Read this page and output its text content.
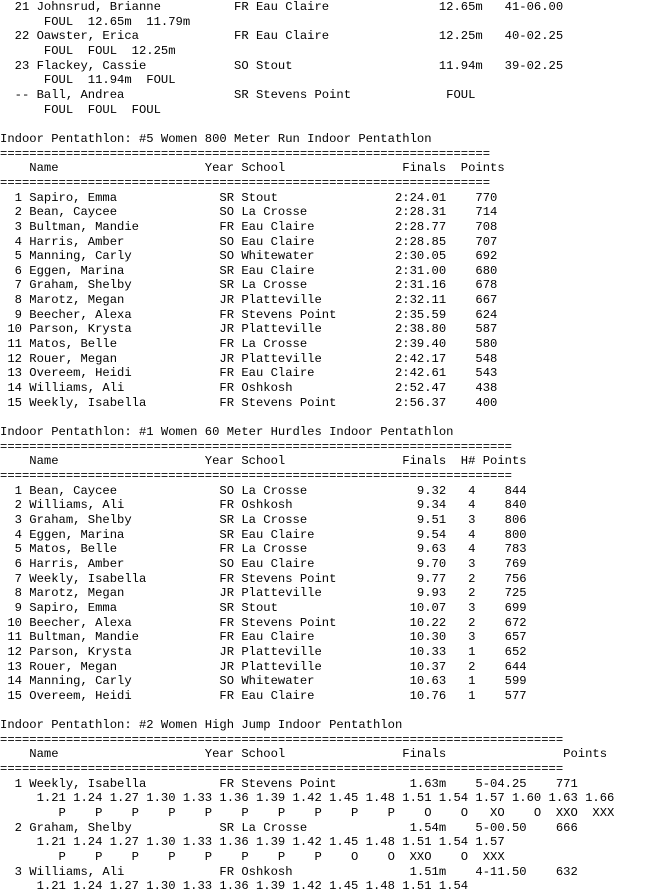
21 Johnsrud, Brianne          FR Eau Claire               12.65m   41-06.00
FOUL  12.65m  11.79m
22 Oawster, Erica             FR Eau Claire               12.25m   40-02.25
FOUL  FOUL  12.25m
23 Flackey, Cassie            SO Stout                    11.94m   39-02.25
FOUL  11.94m  FOUL
-- Ball, Andrea               SR Stevens Point             FOUL
FOUL  FOUL  FOUL
Indoor Pentathlon: #5 Women 800 Meter Run Indoor Pentathlon
===================================================================
Name                    Year School                Finals  Points
===================================================================
1 Sapiro, Emma              SR Stout                2:24.01    770
2 Bean, Caycee              SO La Crosse            2:28.31    714
3 Bultman, Mandie           FR Eau Claire           2:28.77    708
4 Harris, Amber             SO Eau Claire           2:28.85    707
5 Manning, Carly            SO Whitewater           2:30.05    692
6 Eggen, Marina             SR Eau Claire           2:31.00    680
7 Graham, Shelby            SR La Crosse            2:31.16    678
8 Marotz, Megan             JR Platteville          2:32.11    667
9 Beecher, Alexa            FR Stevens Point        2:35.59    624
10 Parson, Krysta            JR Platteville          2:38.80    587
11 Matos, Belle              FR La Crosse            2:39.40    580
12 Rouer, Megan              JR Platteville          2:42.17    548
13 Overeem, Heidi            FR Eau Claire           2:42.61    543
14 Williams, Ali             FR Oshkosh              2:52.47    438
15 Weekly, Isabella          FR Stevens Point        2:56.37    400
Indoor Pentathlon: #1 Women 60 Meter Hurdles Indoor Pentathlon
======================================================================
Name                    Year School                Finals  H# Points
======================================================================
1 Bean, Caycee              SO La Crosse               9.32   4    844
2 Williams, Ali             FR Oshkosh                 9.34   4    840
3 Graham, Shelby            SR La Crosse               9.51   3    806
4 Eggen, Marina             SR Eau Claire              9.54   4    800
5 Matos, Belle              FR La Crosse               9.63   4    783
6 Harris, Amber             SO Eau Claire              9.70   3    769
7 Weekly, Isabella          FR Stevens Point           9.77   2    756
8 Marotz, Megan             JR Platteville             9.93   2    725
9 Sapiro, Emma              SR Stout                  10.07   3    699
10 Beecher, Alexa            FR Stevens Point          10.22   2    672
11 Bultman, Mandie           FR Eau Claire             10.30   3    657
12 Parson, Krysta            JR Platteville            10.33   1    652
13 Rouer, Megan              JR Platteville            10.37   2    644
14 Manning, Carly            SO Whitewater             10.63   1    599
15 Overeem, Heidi            FR Eau Claire             10.76   1    577
Indoor Pentathlon: #2 Women High Jump Indoor Pentathlon
=============================================================================
Name                    Year School                Finals                Points
=============================================================================
1 Weekly, Isabella          FR Stevens Point          1.63m    5-04.25    771
1.21 1.24 1.27 1.30 1.33 1.36 1.39 1.42 1.45 1.48 1.51 1.54 1.57 1.60 1.63 1.66
P    P    P    P    P    P    P    P    P    P    O    O   XO    O  XXO  XXX
2 Graham, Shelby            SR La Crosse              1.54m    5-00.50    666
1.21 1.24 1.27 1.30 1.33 1.36 1.39 1.42 1.45 1.48 1.51 1.54 1.57
P    P    P    P    P    P    P    P    O    O  XXO    O  XXX
3 Williams, Ali             FR Oshkosh                1.51m    4-11.50    632
1.21 1.24 1.27 1.30 1.33 1.36 1.39 1.42 1.45 1.48 1.51 1.54
